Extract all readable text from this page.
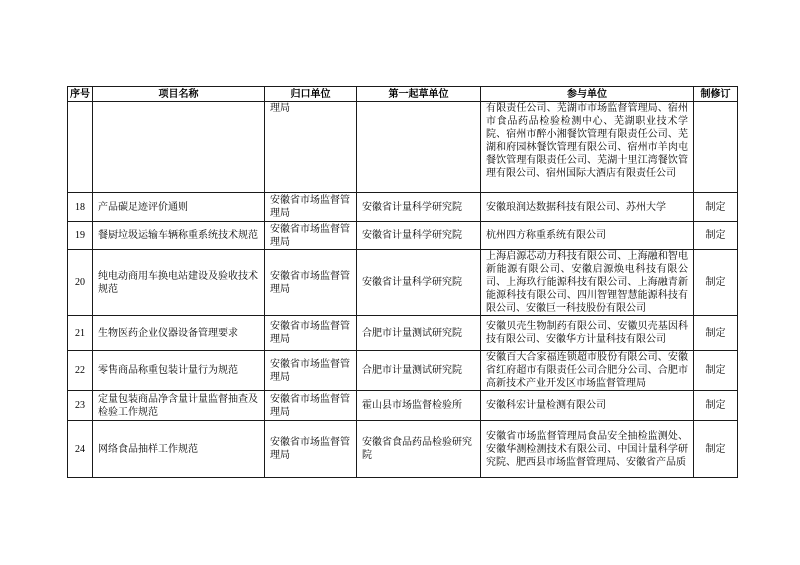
序号	项目名称	归口单位	第一起草单位	参与单位	制修订
		理局		有限责任公司、芜湖市市场监督管理局、宿州市食品药品检验检测中心、芜湖职业技术学院、宿州市醉小湘餐饮管理有限责任公司、芜湖和府园林餐饮管理有限公司、宿州市羊肉屯餐饮管理有限责任公司、芜湖十里江湾餐饮管理有限公司、宿州国际大酒店有限责任公司	
18	产品碳足迹评价通则	安徽省市场监督管理局	安徽省计量科学研究院	安徽琅润达数据科技有限公司、苏州大学	制定
19	餐厨垃圾运输车辆称重系统技术规范	安徽省市场监督管理局	安徽省计量科学研究院	杭州四方称重系统有限公司	制定
20	纯电动商用车换电站建设及验收技术规范	安徽省市场监督管理局	安徽省计量科学研究院	上海启源芯动力科技有限公司、上海融和智电新能源有限公司、安徽启源焕电科技有限公司、上海玖行能源科技有限公司、上海融青新能源科技有限公司、四川智锂智慧能源科技有限公司、安徽巨一科技股份有限公司	制定
21	生物医药企业仪器设备管理要求	安徽省市场监督管理局	合肥市计量测试研究院	安徽贝壳生物制药有限公司、安徽贝壳基因科技有限公司、安徽华方计量科技有限公司	制定
22	零售商品称重包装计量行为规范	安徽省市场监督管理局	合肥市计量测试研究院	安徽百大合家福连锁超市股份有限公司、安徽省红府超市有限责任公司合肥分公司、合肥市高新技术产业开发区市场监督管理局	制定
23	定量包装商品净含量计量监督抽查及检验工作规范	安徽省市场监督管理局	霍山县市场监督检验所	安徽科宏计量检测有限公司	制定
24	网络食品抽样工作规范	安徽省市场监督管理局	安徽省食品药品检验研究院	安徽省市场监督管理局食品安全抽检监测处、安徽华测检测技术有限公司、中国计量科学研究院、肥西县市场监督管理局、安徽省产品质	制定
